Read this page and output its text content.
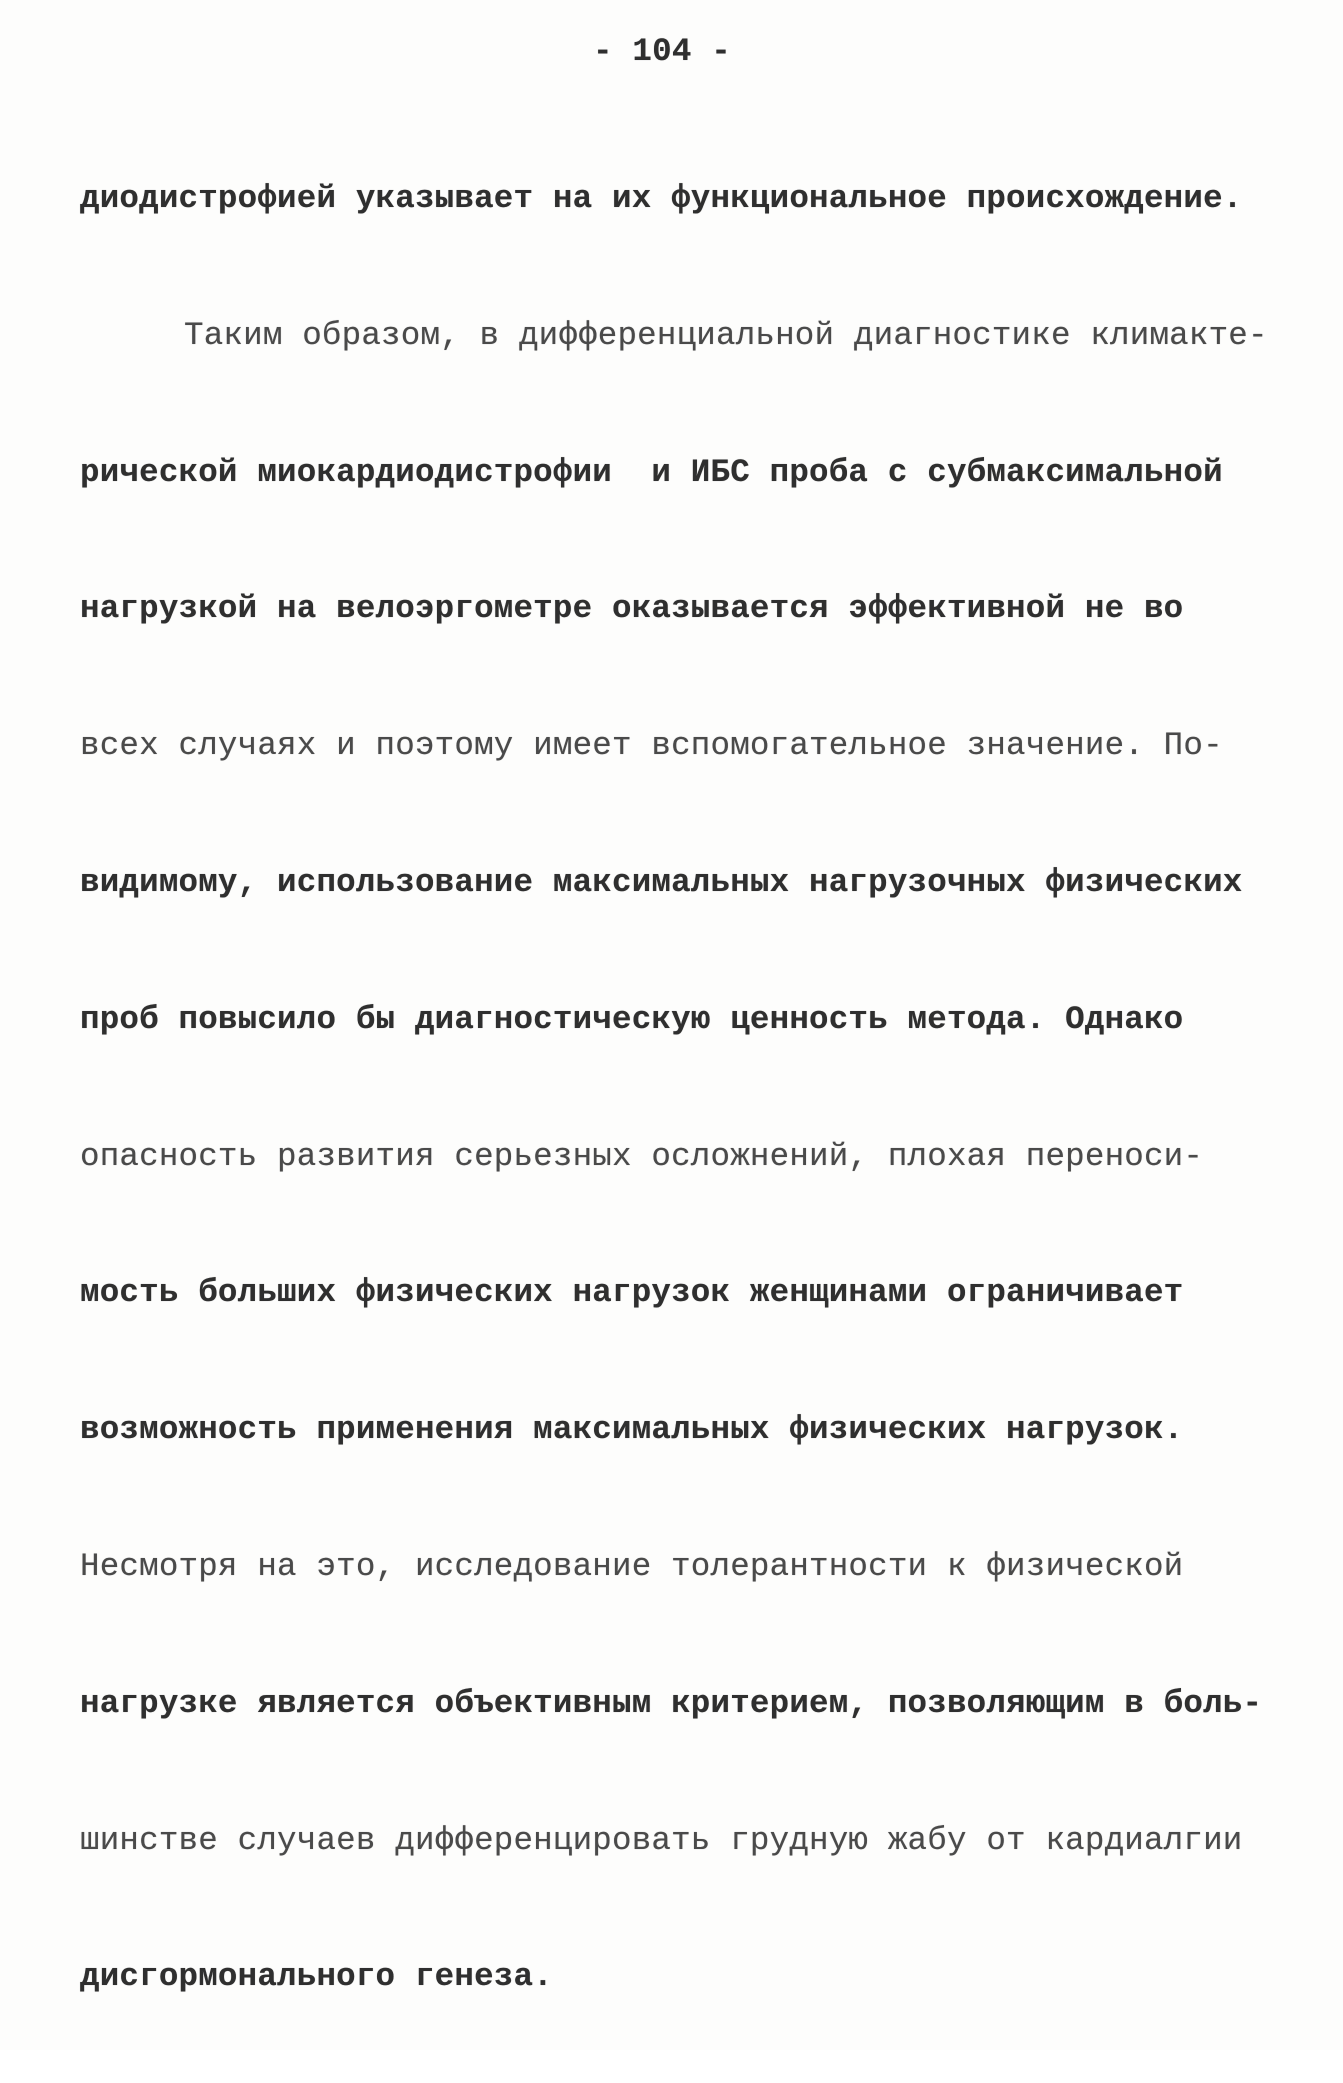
- 104 -

диодистрофией указывает на их функциональное происхождение.

Таким образом, в дифференциальной диагностике климакте-

рической миокардиодистрофии  и ИБС проба с субмаксимальной

нагрузкой на велоэргометре оказывается эффективной не во

всех случаях и поэтому имеет вспомогательное значение. По-

видимому, использование максимальных нагрузочных физических

проб повысило бы диагностическую ценность метода. Однако

опасность развития серьезных осложнений, плохая переноси-

мость больших физических нагрузок женщинами ограничивает

возможность применения максимальных физических нагрузок.

Несмотря на это, исследование толерантности к физической

нагрузке является объективным критерием, позволяющим в боль-

шинстве случаев дифференцировать грудную жабу от кардиалгии

дисгормонального генеза.
